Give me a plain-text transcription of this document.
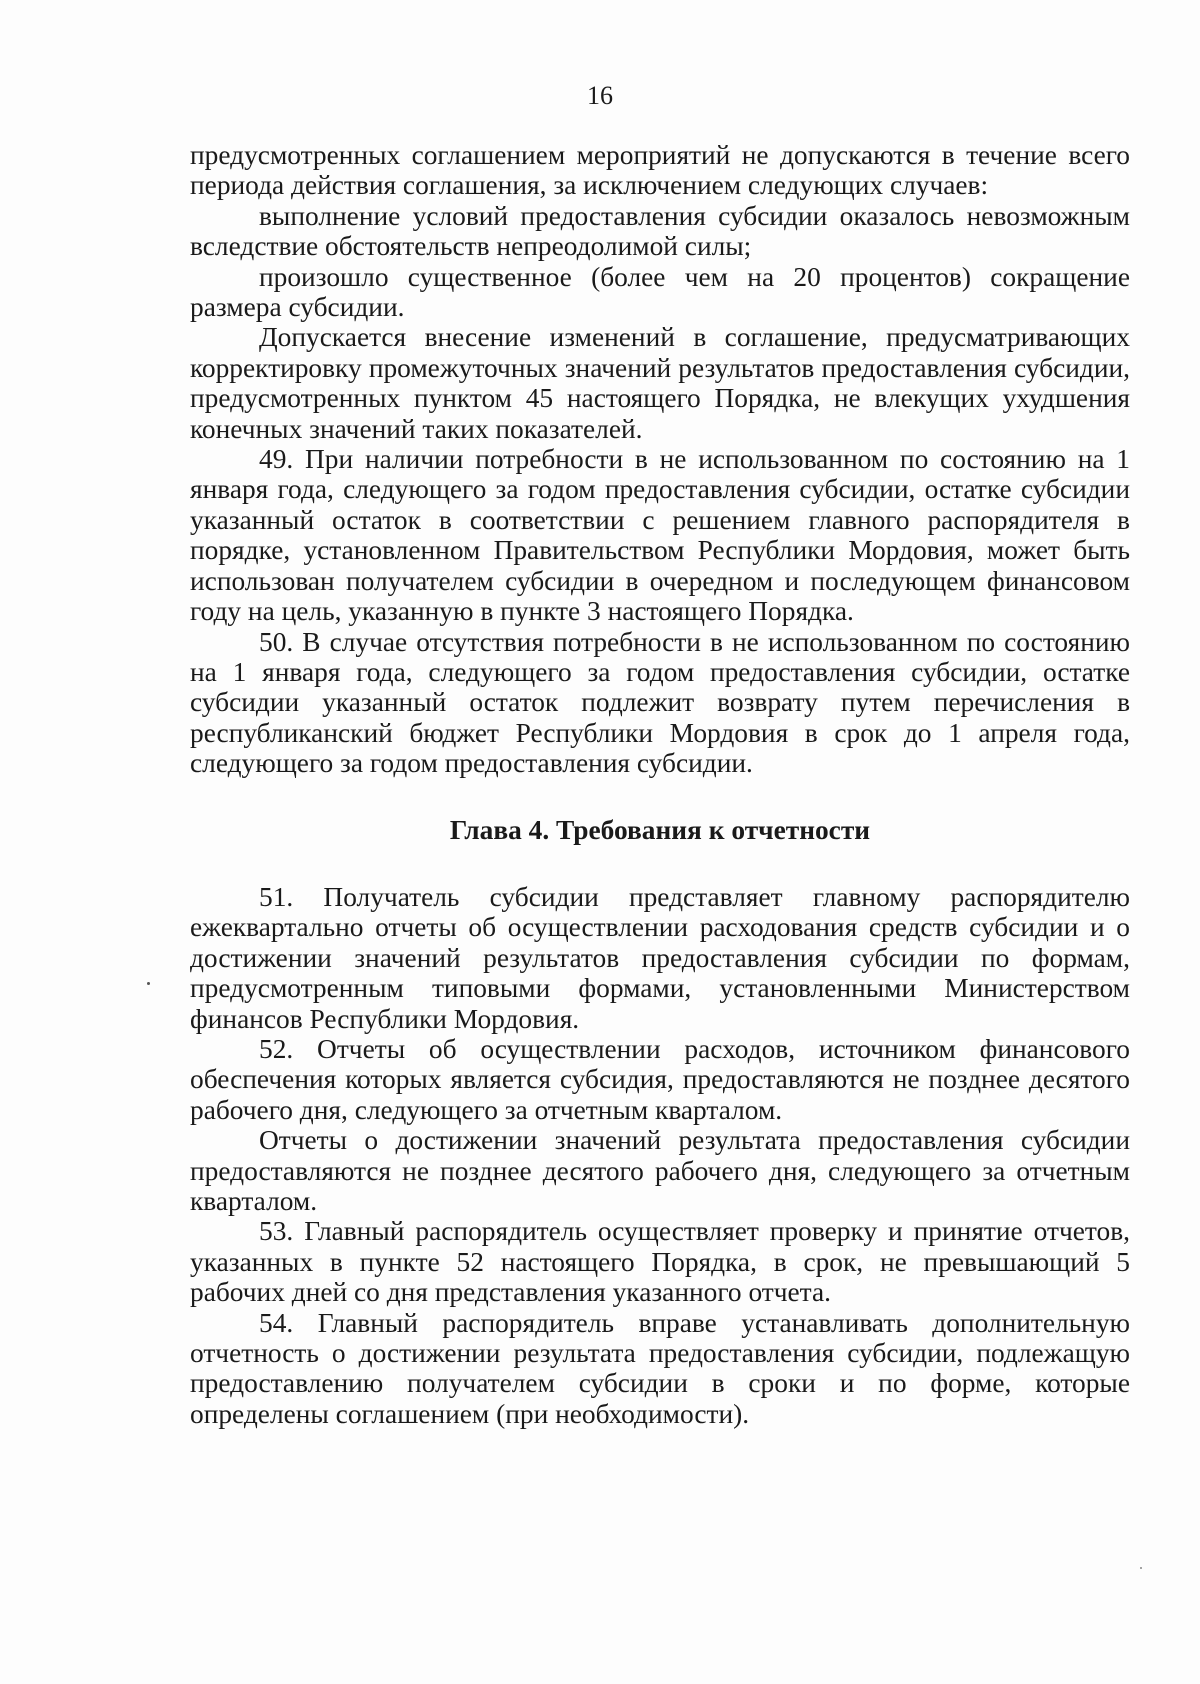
16

предусмотренных соглашением мероприятий не допускаются в течение всего периода действия соглашения, за исключением следующих случаев:

выполнение условий предоставления субсидии оказалось невозможным вследствие обстоятельств непреодолимой силы;

произошло существенное (более чем на 20 процентов) сокращение размера субсидии.

Допускается внесение изменений в соглашение, предусматривающих корректировку промежуточных значений результатов предоставления субсидии, предусмотренных пунктом 45 настоящего Порядка, не влекущих ухудшения конечных значений таких показателей.

49. При наличии потребности в не использованном по состоянию на 1 января года, следующего за годом предоставления субсидии, остатке субсидии указанный остаток в соответствии с решением главного распорядителя в порядке, установленном Правительством Республики Мордовия, может быть использован получателем субсидии в очередном и последующем финансовом году на цель, указанную в пункте 3 настоящего Порядка.

50. В случае отсутствия потребности в не использованном по состоянию на 1 января года, следующего за годом предоставления субсидии, остатке субсидии указанный остаток подлежит возврату путем перечисления в республиканский бюджет Республики Мордовия в срок до 1 апреля года, следующего за годом предоставления субсидии.

Глава 4. Требования к отчетности

51. Получатель субсидии представляет главному распорядителю ежеквартально отчеты об осуществлении расходования средств субсидии и о достижении значений результатов предоставления субсидии по формам, предусмотренным типовыми формами, установленными Министерством финансов Республики Мордовия.

52. Отчеты об осуществлении расходов, источником финансового обеспечения которых является субсидия, предоставляются не позднее десятого рабочего дня, следующего за отчетным кварталом.

Отчеты о достижении значений результата предоставления субсидии предоставляются не позднее десятого рабочего дня, следующего за отчетным кварталом.

53. Главный распорядитель осуществляет проверку и принятие отчетов, указанных в пункте 52 настоящего Порядка, в срок, не превышающий 5 рабочих дней со дня представления указанного отчета.

54. Главный распорядитель вправе устанавливать дополнительную отчетность о достижении результата предоставления субсидии, подлежащую предоставлению получателем субсидии в сроки и по форме, которые определены соглашением (при необходимости).
